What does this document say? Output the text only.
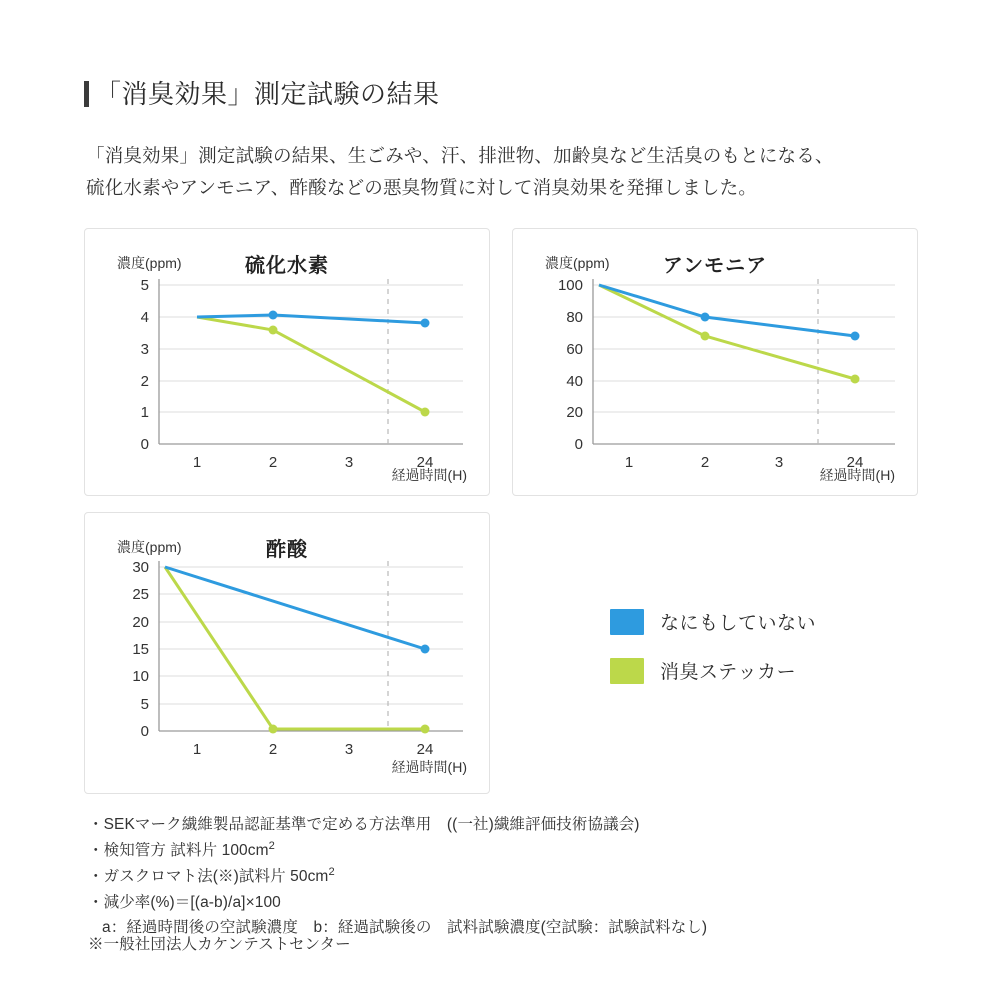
「消臭効果」測定試験の結果
「消臭効果」測定試験の結果、生ごみや、汗、排泄物、加齢臭など生活臭のもとになる、
硫化水素やアンモニア、酢酸などの悪臭物質に対して消臭効果を発揮しました。
濃度(ppm)	硫化水素
5
4
3
2
1
0
1	2	3	24
経過時間(H)
濃度(ppm)	アンモニア
100
80
60
40
20
0
1	2	3	24
経過時間(H)
濃度(ppm)	酢酸
30
25
20
15
10
5
0
1	2	3	24
経過時間(H)
なにもしていない
消臭ステッカー
・SEKマーク繊維製品認証基準で定める方法準用　((一社)繊維評価技術協議会)
・検知管方 試料片 $100cm^2$
・ガスクロマト法(※)試料片 $50cm^2$
・減少率(%)＝[(a-b)/a]×100
a：経過時間後の空試験濃度　b：経過試験後の　試料試験濃度(空試験：試験試料なし)
※一般社団法人カケンテストセンター
